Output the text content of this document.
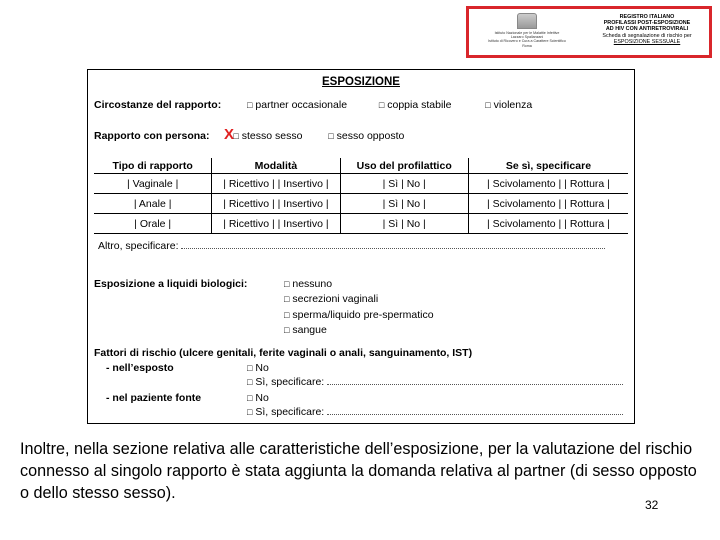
Istituto Nazionale per le Malattie Infettive
Lazzaro Spallanzani
Istituto di Ricovero e Cura a Carattere Scientifico
Roma
REGISTRO ITALIANO
PROFILASSI POST-ESPOSIZIONE
AD HIV CON ANTIRETROVIRALI
Scheda di segnalazione di rischio per
ESPOSIZIONE SESSUALE
ESPOSIZIONE
Circostanze del rapporto:	□ partner occasionale	□ coppia stabile	□ violenza
Rapporto con persona:	□ stesso sesso	□ sesso opposto
X
Tipo di rapporto	Modalità	Uso del profilattico	Se sì, specificare
| Vaginale |	| Ricettivo | | Insertivo |	| Sì | No |	| Scivolamento | | Rottura |
| Anale |	| Ricettivo | | Insertivo |	| Sì | No |	| Scivolamento | | Rottura |
| Orale |	| Ricettivo | | Insertivo |	| Sì | No |	| Scivolamento | | Rottura |
Altro, specificare:
Esposizione a liquidi biologici:	□ nessuno
□ secrezioni vaginali
□ sperma/liquido pre-spermatico
□ sangue
Fattori di rischio (ulcere genitali, ferite vaginali o anali, sanguinamento, IST)
- nell’esposto	□ No
□ Sì, specificare:
- nel paziente fonte	□ No
□ Sì, specificare:
Inoltre, nella sezione relativa alle caratteristiche dell’esposizione, per la valutazione del rischio connesso al singolo rapporto è stata aggiunta la domanda relativa al partner (di sesso opposto o dello stesso sesso).
32
